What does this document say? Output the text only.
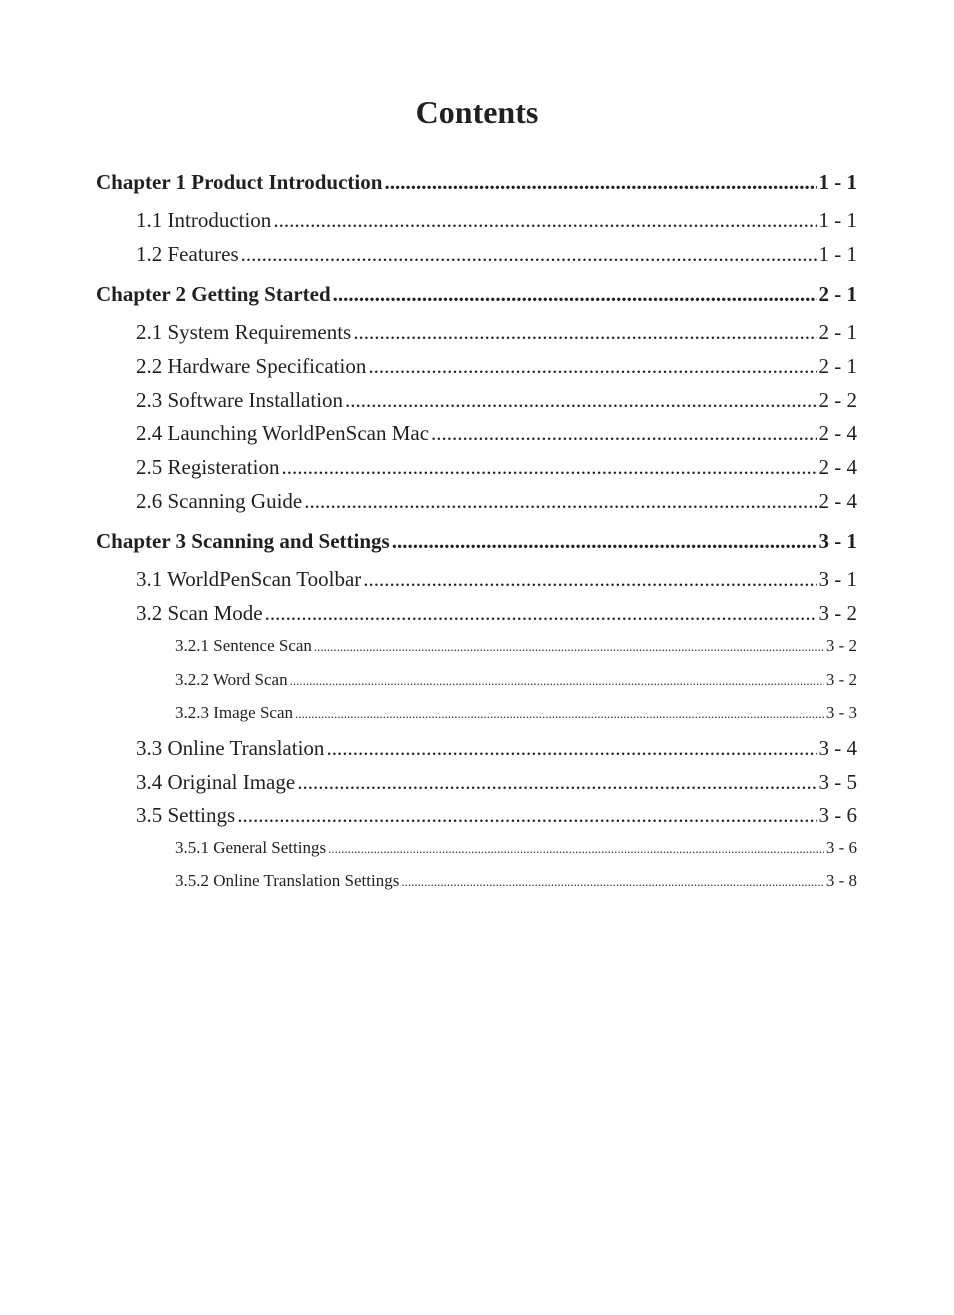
Contents
Chapter 1 Product Introduction .....	1 - 1
1.1 Introduction .....	1 - 1
1.2 Features .....	1 - 1
Chapter 2 Getting Started .....	2 - 1
2.1 System Requirements .....	2 - 1
2.2 Hardware Specification .....	2 - 1
2.3 Software Installation .....	2 - 2
2.4 Launching WorldPenScan Mac .....	2 - 4
2.5 Registeration .....	2 - 4
2.6 Scanning Guide .....	2 - 4
Chapter 3 Scanning and Settings .....	3 - 1
3.1 WorldPenScan Toolbar .....	3 - 1
3.2 Scan Mode .....	3 - 2
3.2.1 Sentence Scan .....	3 - 2
3.2.2 Word Scan .....	3 - 2
3.2.3 Image Scan .....	3 - 3
3.3 Online Translation .....	3 - 4
3.4 Original Image .....	3 - 5
3.5 Settings .....	3 - 6
3.5.1 General Settings .....	3 - 6
3.5.2 Online Translation Settings .....	3 - 8
